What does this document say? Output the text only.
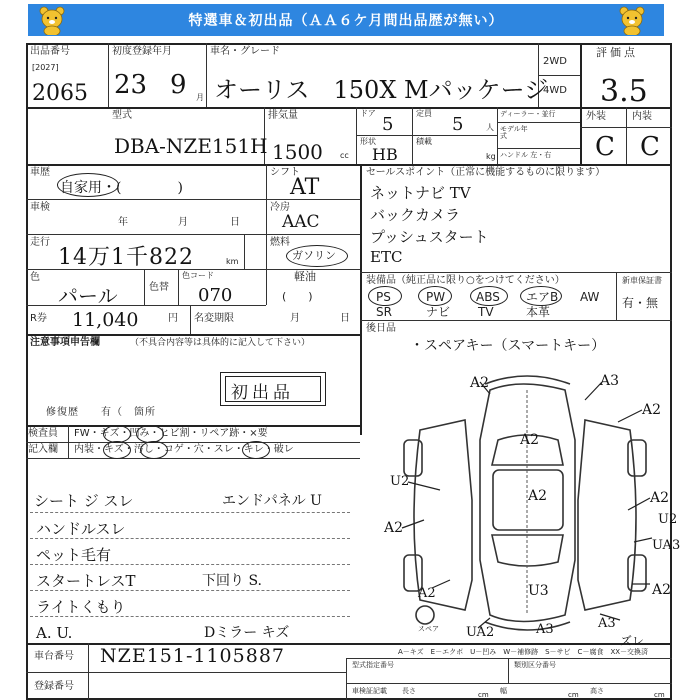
特選車＆初出品（ＡＡ６ケ月間出品歴が無い）
出品番号
[2027]
2065
初度登録年月
23 9 月
車名・グレード
オーリス　150X Mパッケージ
2WD
4WD
評価点
3.5
型式
DBA-NZE151H
排気量
1500 cc
ドア
5
定員
5	人
形状
HB
積載
kg
ディーラー・並行
モデル年式
ハンドル 左・右
外装	内装
C C
車歴
自家用・(　　　　)
シフト
AT
車検
年	月	日
冷房
AAC
走行
14万1千822	km
燃料
ガソリン
軽油
(　　)
色
パール	色替
色コード
070
R券 11,040	円 名変期限	月	日
セールスポイント（正常に機能するものに限ります）
ネットナビ TV
バックカメラ
プッシュスタート
ETC
装備品（純正品に限り○をつけてください）	新車保証書
有・無
PS	PW	ABS エアB AW
SR	ナビ TV	本革
後日品
・スペアキー（スマートキー）
注意事項申告欄	（不具合内容等は具体的に記入して下さい）
初出品
修復歴　　有（　箇所
検査員
記入欄
FW・キズ・凹み・ヒビ割・リペア跡・×要
内装・キズ・汚し・コゲ・穴・スレ・キレ・破レ
シート ジ スレ
ハンドルスレ
ペット毛有
スタートレスT
ライトくもり
A. U.
エンドパネル U
下回り S.
Dミラー キズ
A2	A3
A2
A2
U2
A2	A2
A2
U2
UA3
A2
U3
A2
UA2	A3	A3
ズレ
スペア
A－キズ　E－エクボ　U－凹み　W－補修跡　S－サビ　C－腐食　XX－交換済
車台番号 NZE151-1105887
登録番号
型式指定番号	類別区分番号
車検証記載 長さ	cm 幅	cm 高さ	cm
